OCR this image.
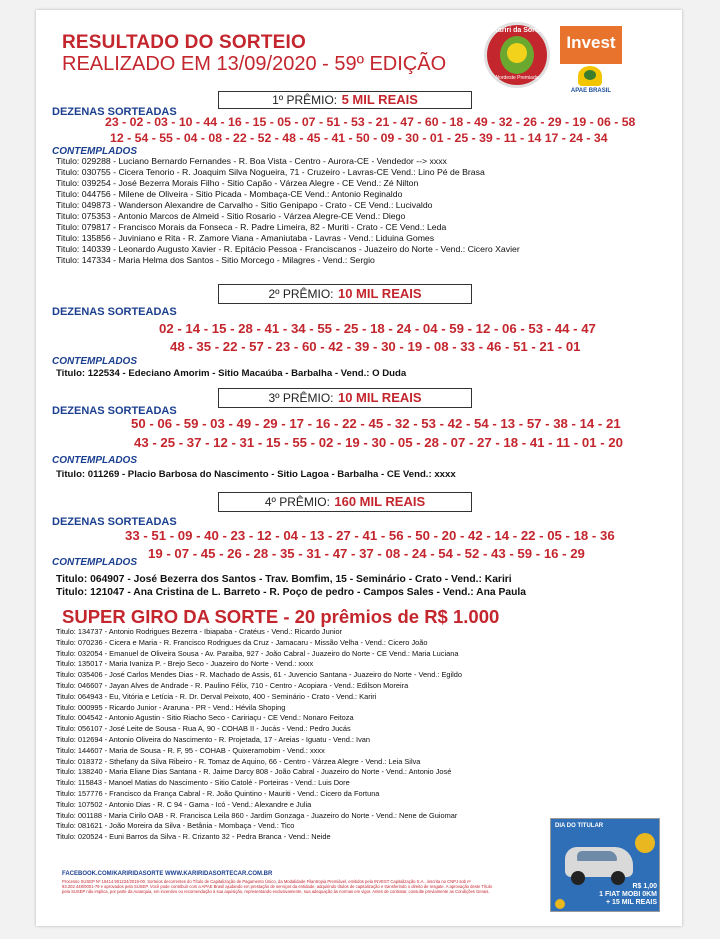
RESULTADO DO SORTEIO
REALIZADO EM 13/09/2020 - 59º EDIÇÃO
Kariri da Sorte
Nordeste Premiada
Invest
APAE BRASIL
1º PRÊMIO: 5 MIL REAIS
DEZENAS SORTEADAS
23 - 02 - 03 - 10 - 44 - 16 - 15 - 05 - 07 - 51 - 53 - 21 - 47 - 60 - 18 - 49 - 32 - 26 - 29 - 19 - 06 - 58
12 - 54 - 55 - 04 - 08 - 22 - 52 - 48 - 45 - 41 - 50 - 09 - 30 - 01 - 25 - 39 - 11 - 14 17 - 24 - 34
CONTEMPLADOS
Titulo: 029288 - Luciano Bernardo Fernandes - R. Boa Vista - Centro - Aurora-CE - Vendedor --> xxxx
Titulo: 030755 - Cicera Tenorio - R. Joaquim Silva Nogueira, 71 - Cruzeiro - Lavras-CE Vend.: Lino Pé de Brasa
Titulo: 039254 - José Bezerra Morais Filho - Sitio Capão - Várzea Alegre - CE Vend.: Zé Nilton
Titulo: 044756 - Milene de Oliveira - Sitio Picada - Mombaça-CE Vend.: Antonio Reginaldo
Titulo: 049873 - Wanderson Alexandre de Carvalho - Sitio Genipapo - Crato - CE Vend.: Lucivaldo
Titulo: 075353 - Antonio Marcos de Almeid - Sitio Rosario - Várzea Alegre-CE Vend.: Diego
Titulo: 079817 - Francisco Morais da Fonseca - R. Padre Limeira, 82 - Muriti - Crato - CE Vend.: Leda
Titulo: 135856 - Juviniano e Rita - R. Zamore Viana - Amaniutaba - Lavras - Vend.: Liduina Gomes
Titulo: 140339 - Leonardo Augusto Xavier - R. Epitácio Pessoa - Franciscanos - Juazeiro do Norte - Vend.: Cicero Xavier
Titulo: 147334 - Maria Helma dos Santos - Sitio Morcego - Milagres - Vend.: Sergio
2º PRÊMIO: 10 MIL REAIS
DEZENAS SORTEADAS
02 - 14 - 15 - 28 - 41 - 34 - 55 - 25 - 18 - 24 - 04 - 59 - 12 - 06 - 53 - 44 - 47
48 - 35 - 22 - 57 - 23 - 60 - 42 - 39 - 30 - 19 - 08 - 33 - 46 - 51 - 21 - 01
CONTEMPLADOS
Titulo: 122534 - Edeciano Amorim - Sitio Macaúba - Barbalha - Vend.: O Duda
3º PRÊMIO: 10 MIL REAIS
DEZENAS SORTEADAS
50 - 06 - 59 - 03 - 49 - 29 - 17 - 16 - 22 - 45 - 32 - 53 - 42 - 54 - 13 - 57 - 38 - 14 - 21
43 - 25 - 37 - 12 - 31 - 15 - 55 - 02 - 19 - 30 - 05 - 28 - 07 - 27 - 18 - 41 - 11 - 01 - 20
CONTEMPLADOS
Titulo: 011269 - Placio Barbosa do Nascimento - Sitio Lagoa - Barbalha - CE Vend.: xxxx
4º PRÊMIO: 160 MIL REAIS
DEZENAS SORTEADAS
33 - 51 - 09 - 40 - 23 - 12 - 04 - 13 - 27 - 41 - 56 - 50 - 20 - 42 - 14 - 22 - 05 - 18 - 36
19 - 07 - 45 - 26 - 28 - 35 - 31 - 47 - 37 - 08 - 24 - 54 - 52 - 43 - 59 - 16 - 29
CONTEMPLADOS
Titulo: 064907 - José Bezerra dos Santos - Trav. Bomfim, 15 - Seminário - Crato - Vend.: Kariri
Titulo: 121047 - Ana Cristina de L. Barreto - R. Poço de pedro - Campos Sales - Vend.: Ana Paula
SUPER GIRO DA SORTE - 20 prêmios de R$ 1.000
Titulo: 134737 - Antonio Rodrigues Bezerra - Ibiapaba - Cratéus - Vend.: Ricardo Junior
Titulo: 070236 - Cicera e Maria - R. Francisco Rodrigues da Cruz - Jamacaru - Missão Velha - Vend.: Cicero João
Titulo: 032054 - Emanuel de Oliveira Sousa - Av. Paraiba, 927 - João Cabral - Juazeiro do Norte - CE Vend.: Maria Luciana
Titulo: 135017 - Maria Ivaniza P. - Brejo Seco - Juazeiro do Norte - Vend.: xxxx
Titulo: 035406 - José Carlos Mendes Dias - R. Machado de Assis, 61 - Juvencio Santana - Juazeiro do Norte - Vend.: Egildo
Titulo: 046607 - Jayan Alves de Andrade - R. Paulino Félix, 710 - Centro - Acopiara - Vend.: Edilson Moreira
Titulo: 064943 - Eu, Vitória e Letícia - R. Dr. Derval Peixoto, 400 - Seminário - Crato - Vend.: Kariri
Titulo: 000995 - Ricardo Junior - Araruna - PR - Vend.: Hévila Shoping
Titulo: 004542 - Antonio Agustin - Sitio Riacho Seco - Caririaçu - CE Vend.: Nonaro Feitoza
Titulo: 056107 - José Leite de Sousa - Rua A, 90 - COHAB II - Jucás - Vend.: Pedro Jucás
Titulo: 012694 - Antonio Oliveira do Nascimento - R. Projetada, 17 - Areias - Iguatu - Vend.: Ivan
Titulo: 144607 - Maria de Sousa - R. F, 95 - COHAB - Quixeramobim - Vend.: xxxx
Titulo: 018372 - Sthefany da Silva Ribeiro - R. Tomaz de Aquino, 66 - Centro - Várzea Alegre - Vend.: Leia Silva
Titulo: 138240 - Maria Eliane Dias Santana - R. Jaime Darcy 808 - João Cabral - Juazeiro do Norte - Vend.: Antonio José
Titulo: 115843 - Manoel Matias do Nascimento - Sitio Catolé - Porteiras - Vend.: Luis Dore
Titulo: 157776 - Francisco da França Cabral - R. João Quintino - Mauriti - Vend.: Cicero da Fortuna
Titulo: 107502 - Antonio Dias - R. C 94 - Gama - Icó - Vend.: Alexandre e Julia
Titulo: 001188 - Maria Cirilo OAB - R. Francisca Leila 860 - Jardim Gonzaga - Juazeiro do Norte - Vend.: Nene de Guiomar
Titulo: 081621 - João Moreira da Silva - Betânia - Mombaça - Vend.: Tico
Titulo: 020524 - Euni Barros da Silva - R. Crizanto 32 - Pedra Branca - Vend.: Neide
FACEBOOK.COM/KARIRIDASORTE WWW.KARIRIDASORTECAR.COM.BR
Processo SUSEP Nº 15414.901234/2019-00. Sorteios decorrentes do Título de Capitalização de Pagamento Único, da Modalidade Filantropia Premiável, emitidos pela INVEST Capitalização S.A., inscrita no CNPJ sob nº 93.202.448/0001-79 e aprovados pela SUSEP. Você pode contribuir com a APAE Brasil ajudando em prestação de serviços da entidade, adquirindo títulos de capitalização e transferindo o direito de resgate. A aprovação deste Título pela SUSEP não implica, por parte da Autarquia, em incentivo ou recomendação à sua aquisição, representando exclusivamente, sua adequação às normas em vigor. Antes de contratar, consulte previamente as Condições Gerais.
DIA DO TITULAR
R$ 1,00
1 FIAT MOBI 0KM
+ 15 MIL REAIS
